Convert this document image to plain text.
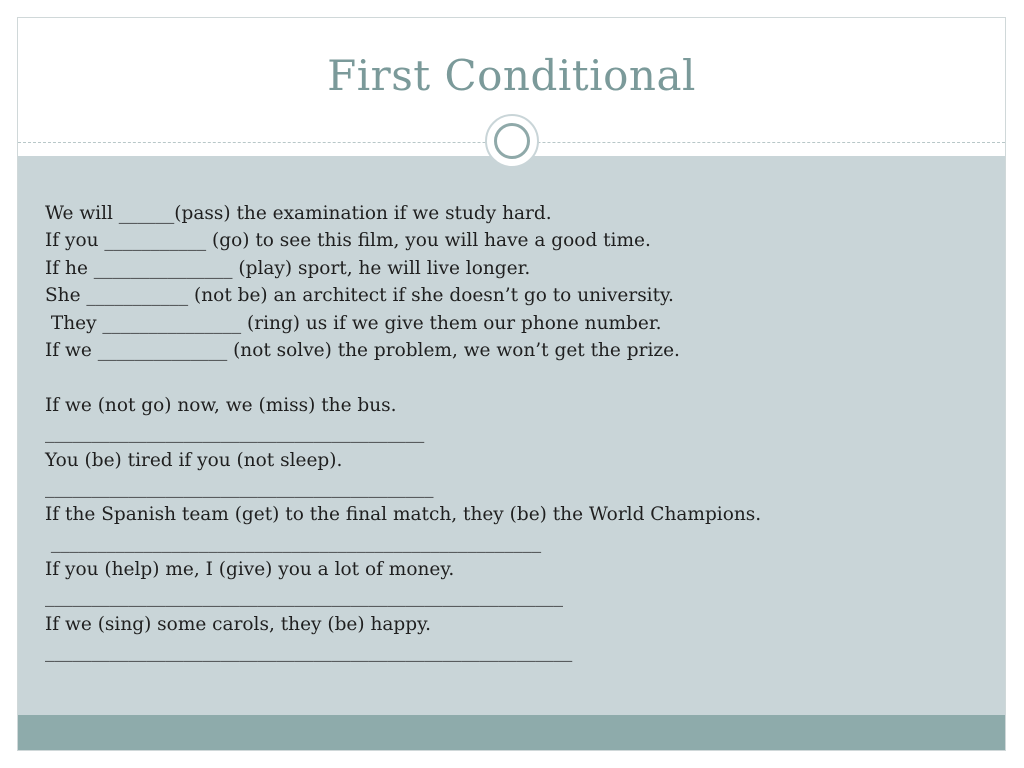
First Conditional
We will ______(pass) the examination if we study hard.
If you ___________ (go) to see this film, you will have a good time.
If he _______________ (play) sport, he will live longer.
She ___________ (not be) an architect if she doesn’t go to university.
They _______________ (ring) us if we give them our phone number.
If we ______________ (not solve) the problem, we won’t get the prize.
If we (not go) now, we (miss) the bus.
_________________________________________
You (be) tired if you (not sleep).
__________________________________________
If the Spanish team (get) to the final match, they (be) the World Champions.
_____________________________________________________
If you (help) me, I (give) you a lot of money.
________________________________________________________
If we (sing) some carols, they (be) happy.
_________________________________________________________
